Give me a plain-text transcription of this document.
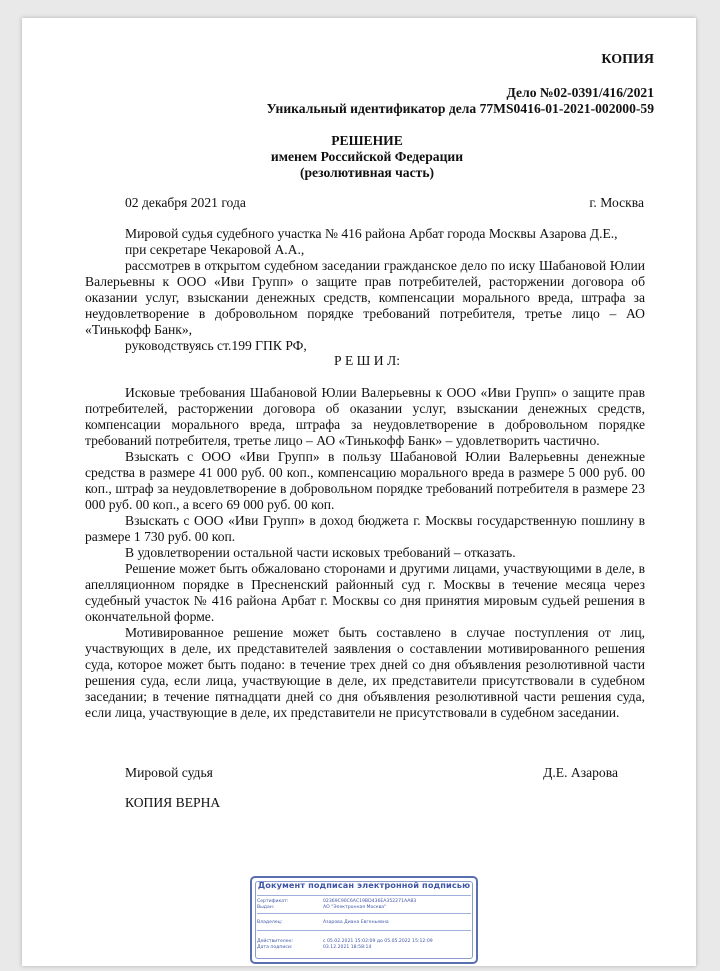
КОПИЯ
Дело №02-0391/416/2021
Уникальный идентификатор дела 77MS0416-01-2021-002000-59
РЕШЕНИЕ
именем Российской Федерации
(резолютивная часть)
02 декабря 2021 года	г. Москва
Мировой судья судебного участка № 416 района Арбат города Москвы Азарова Д.Е.,
при секретаре Чекаровой А.А.,
рассмотрев в открытом судебном заседании гражданское дело по иску Шабановой Юлии Валерьевны к ООО «Иви Групп» о защите прав потребителей, расторжении договора об оказании услуг, взыскании денежных средств, компенсации морального вреда, штрафа за неудовлетворение в добровольном порядке требований потребителя, третье лицо – АО «Тинькофф Банк»,
руководствуясь ст.199 ГПК РФ,
Р Е Ш И Л:
Исковые требования Шабановой Юлии Валерьевны к ООО «Иви Групп» о защите прав потребителей, расторжении договора об оказании услуг, взыскании денежных средств, компенсации морального вреда, штрафа за неудовлетворение в добровольном порядке требований потребителя, третье лицо – АО «Тинькофф Банк» – удовлетворить частично.
Взыскать с ООО «Иви Групп» в пользу Шабановой Юлии Валерьевны денежные средства в размере 41 000 руб. 00 коп., компенсацию морального вреда в размере 5 000 руб. 00 коп., штраф за неудовлетворение в добровольном порядке требований потребителя в размере 23 000 руб. 00 коп., а всего 69 000 руб. 00 коп.
Взыскать с ООО «Иви Групп» в доход бюджета г. Москвы государственную пошлину в размере 1 730 руб. 00 коп.
В удовлетворении остальной части исковых требований – отказать.
Решение может быть обжаловано сторонами и другими лицами, участвующими в деле, в апелляционном порядке в Пресненский районный суд г. Москвы в течение месяца через судебный участок № 416 района Арбат г. Москвы со дня принятия мировым судьей решения в окончательной форме.
Мотивированное решение может быть составлено в случае поступления от лиц, участвующих в деле, их представителей заявления о составлении мотивированного решения суда, которое может быть подано: в течение трех дней со дня объявления резолютивной части решения суда, если лица, участвующие в деле, их представители присутствовали в судебном заседании; в течение пятнадцати дней со дня объявления резолютивной части решения суда, если лица, участвующие в деле, их представители не присутствовали в судебном заседании.
Мировой судья	Д.Е. Азарова
КОПИЯ ВЕРНА
Документ подписан электронной подписью
Сертификат:	02369C90C6AC19BD436EA352271AA83
Выдан:	АО "Электронная Москва"
Владелец:	Азарова Диана Евгеньевна
Действителен:	с 05.02.2021 15:02:09 до 05.05.2022 15:12:09
Дата подписи:	03.12.2021 18:58:14
